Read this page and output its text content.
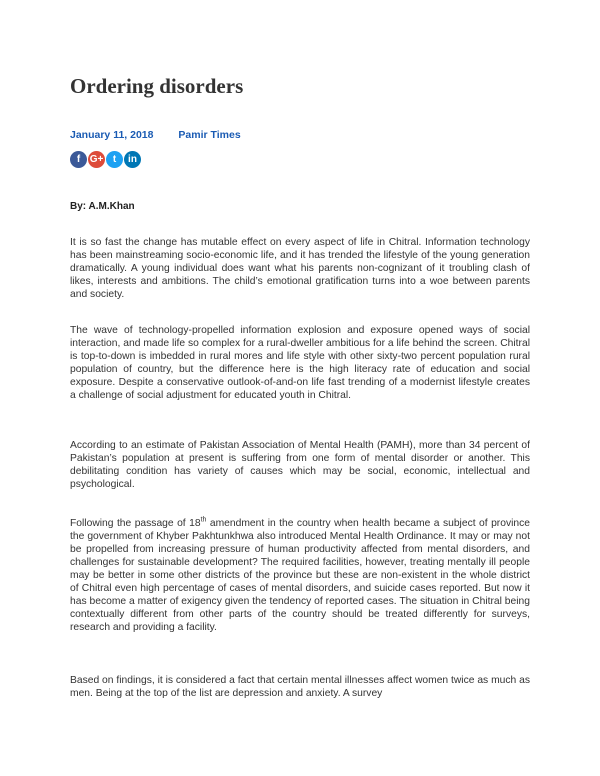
Ordering disorders
January 11, 2018 Pamir Times
f G+ t	in
By: A.M.Khan

It is so fast the change has mutable effect on every aspect of life in Chitral. Information technology has been mainstreaming socio-economic life, and it has trended the lifestyle of the young generation dramatically. A young individual does want what his parents non-cognizant of it troubling clash of likes, interests and ambitions. The child’s emotional gratification turns into a woe between parents and society.

The wave of technology-propelled information explosion and exposure opened ways of social interaction, and made life so complex for a rural-dweller ambitious for a life behind the screen. Chitral is top-to-down is imbedded in rural mores and life style with other sixty-two percent population rural population of country, but the difference here is the high literacy rate of education and social exposure. Despite a conservative outlook-of-and-on life fast trending of a modernist lifestyle creates a challenge of social adjustment for educated youth in Chitral.

According to an estimate of Pakistan Association of Mental Health (PAMH), more than 34 percent of Pakistan’s population at present is suffering from one form of mental disorder or another. This debilitating condition has variety of causes which may be social, economic, intellectual and psychological.

Following the passage of 18th amendment in the country when health became a subject of province the government of Khyber Pakhtunkhwa also introduced Mental Health Ordinance. It may or may not be propelled from increasing pressure of human productivity affected from mental disorders, and challenges for sustainable development? The required facilities, however, treating mentally ill people may be better in some other districts of the province but these are non-existent in the whole district of Chitral even high percentage of cases of mental disorders, and suicide cases reported. But now it has become a matter of exigency given the tendency of reported cases. The situation in Chitral being contextually different from other parts of the country should be treated differently for surveys, research and providing a facility.

Based on findings, it is considered a fact that certain mental illnesses affect women twice as much as men. Being at the top of the list are depression and anxiety. A survey
